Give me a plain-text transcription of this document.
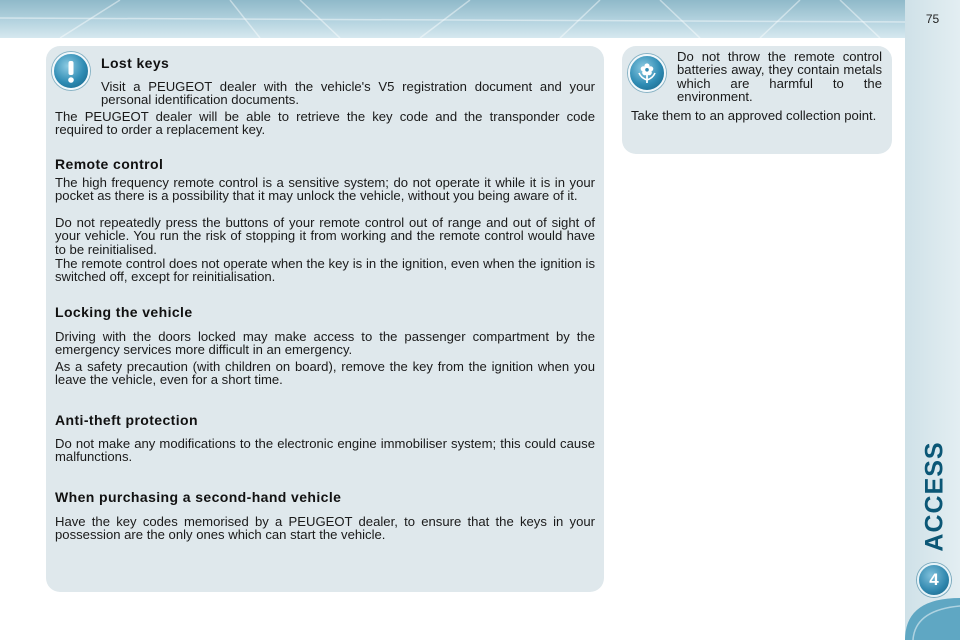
75
ACCESS
4
Lost keys

Visit a PEUGEOT dealer with the vehicle's V5 registration document and your personal identification documents.

The PEUGEOT dealer will be able to retrieve the key code and the transponder code required to order a replacement key.

Remote control

The high frequency remote control is a sensitive system; do not operate it while it is in your pocket as there is a possibility that it may unlock the vehicle, without you being aware of it.

Do not repeatedly press the buttons of your remote control out of range and out of sight of your vehicle. You run the risk of stopping it from working and the remote control would have to be reinitialised.

The remote control does not operate when the key is in the ignition, even when the ignition is switched off, except for reinitialisation.

Locking the vehicle

Driving with the doors locked may make access to the passenger compartment by the emergency services more difficult in an emergency.

As a safety precaution (with children on board), remove the key from the ignition when you leave the vehicle, even for a short time.

Anti-theft protection

Do not make any modifications to the electronic engine immobiliser system; this could cause malfunctions.

When purchasing a second-hand vehicle

Have the key codes memorised by a PEUGEOT dealer, to ensure that the keys in your possession are the only ones which can start the vehicle.

Do not throw the remote control batteries away, they contain metals which are harmful to the environment.

Take them to an approved collection point.
